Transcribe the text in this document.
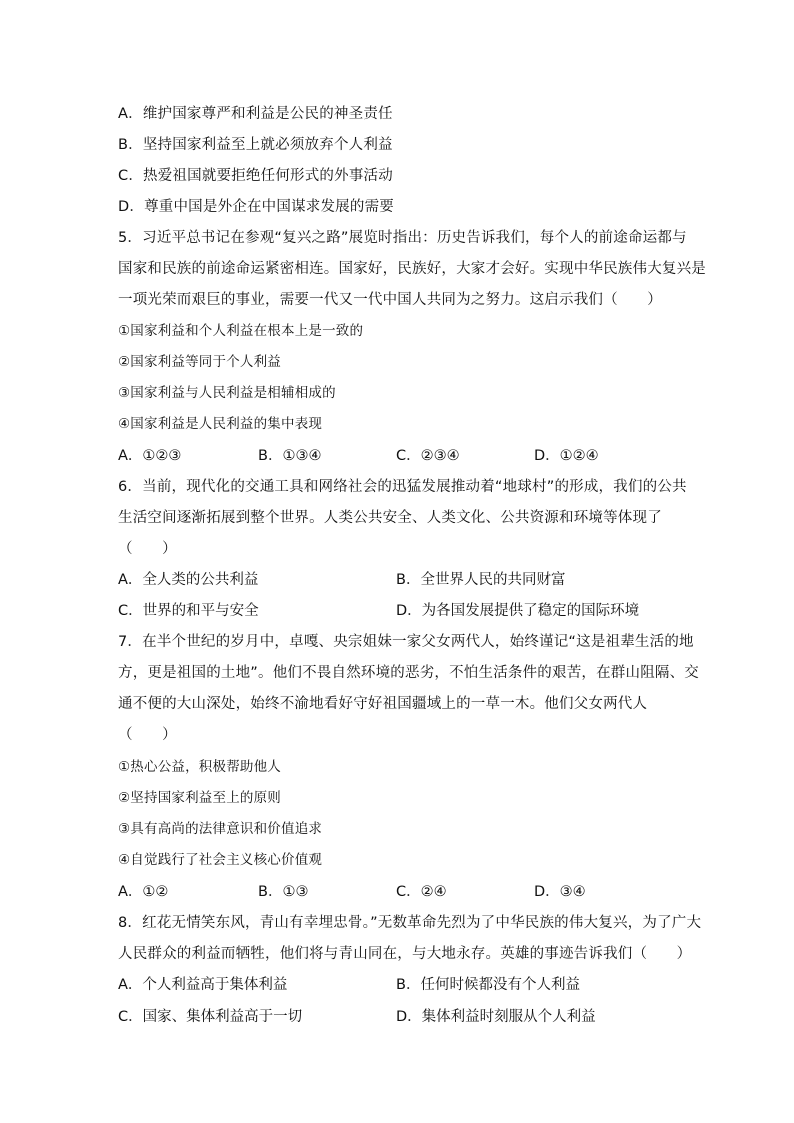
A．维护国家尊严和利益是公民的神圣责任
B．坚持国家利益至上就必须放弃个人利益
C．热爱祖国就要拒绝任何形式的外事活动
D．尊重中国是外企在中国谋求发展的需要
5．习近平总书记在参观“复兴之路”展览时指出：历史告诉我们，每个人的前途命运都与
国家和民族的前途命运紧密相连。国家好，民族好，大家才会好。实现中华民族伟大复兴是
一项光荣而艰巨的事业，需要一代又一代中国人共同为之努力。这启示我们（　　）
①国家利益和个人利益在根本上是一致的
②国家利益等同于个人利益
③国家利益与人民利益是相辅相成的
④国家利益是人民利益的集中表现
A．①②③	B．①③④	C．②③④	D．①②④
6．当前，现代化的交通工具和网络社会的迅猛发展推动着“地球村”的形成，我们的公共
生活空间逐渐拓展到整个世界。人类公共安全、人类文化、公共资源和环境等体现了
（　　）
A．全人类的公共利益	B．全世界人民的共同财富
C．世界的和平与安全	D．为各国发展提供了稳定的国际环境
7．在半个世纪的岁月中，卓嘎、央宗姐妹一家父女两代人，始终谨记“这是祖辈生活的地
方，更是祖国的土地”。他们不畏自然环境的恶劣，不怕生活条件的艰苦，在群山阻隔、交
通不便的大山深处，始终不渝地看好守好祖国疆域上的一草一木。他们父女两代人
（　　）
①热心公益，积极帮助他人
②坚持国家利益至上的原则
③具有高尚的法律意识和价值追求
④自觉践行了社会主义核心价值观
A．①②	B．①③	C．②④	D．③④
8．红花无情笑东风，青山有幸埋忠骨。”无数革命先烈为了中华民族的伟大复兴，为了广大
人民群众的利益而牺牲，他们将与青山同在，与大地永存。英雄的事迹告诉我们（　　）
A．个人利益高于集体利益	B．任何时候都没有个人利益
C．国家、集体利益高于一切	D．集体利益时刻服从个人利益
